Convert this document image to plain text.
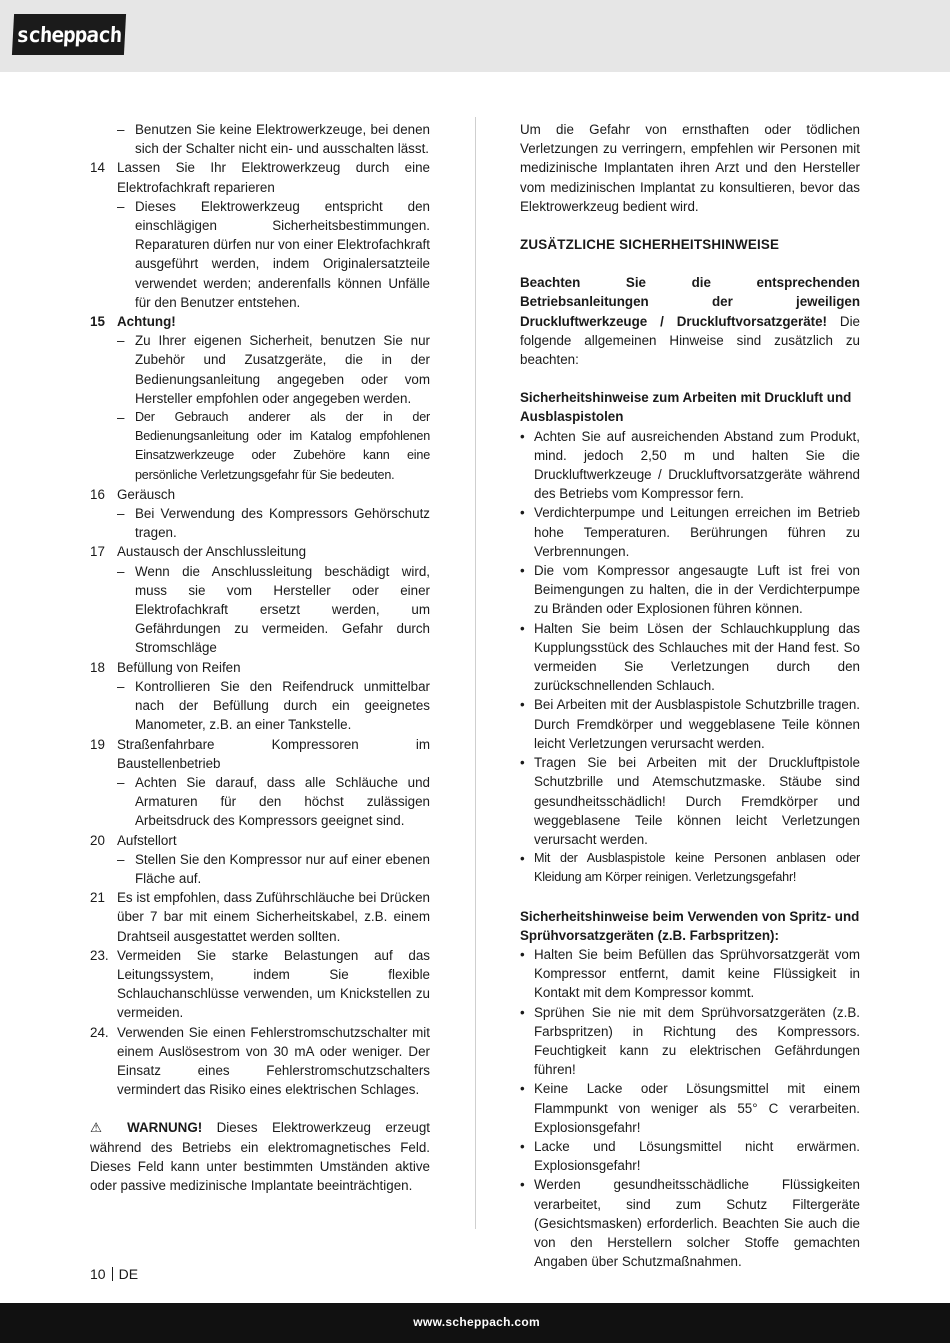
scheppach
– Benutzen Sie keine Elektrowerkzeuge, bei denen sich der Schalter nicht ein- und ausschalten lässt.
14 Lassen Sie Ihr Elektrowerkzeug durch eine Elektrofachkraft reparieren
– Dieses Elektrowerkzeug entspricht den einschlägigen Sicherheitsbestimmungen. Reparaturen dürfen nur von einer Elektrofachkraft ausgeführt werden, indem Originalersatzteile verwendet werden; anderenfalls können Unfälle für den Benutzer entstehen.
15 Achtung!
– Zu Ihrer eigenen Sicherheit, benutzen Sie nur Zubehör und Zusatzgeräte, die in der Bedienungsanleitung angegeben oder vom Hersteller empfohlen oder angegeben werden.
– Der Gebrauch anderer als der in der Bedienungsanleitung oder im Katalog empfohlenen Einsatzwerkzeuge oder Zubehöre kann eine persönliche Verletzungsgefahr für Sie bedeuten.
16 Geräusch
– Bei Verwendung des Kompressors Gehörschutz tragen.
17 Austausch der Anschlussleitung
– Wenn die Anschlussleitung beschädigt wird, muss sie vom Hersteller oder einer Elektrofachkraft ersetzt werden, um Gefährdungen zu vermeiden. Gefahr durch Stromschläge
18 Befüllung von Reifen
– Kontrollieren Sie den Reifendruck unmittelbar nach der Befüllung durch ein geeignetes Manometer, z.B. an einer Tankstelle.
19 Straßenfahrbare Kompressoren im Baustellenbetrieb
– Achten Sie darauf, dass alle Schläuche und Armaturen für den höchst zulässigen Arbeitsdruck des Kompressors geeignet sind.
20 Aufstellort
– Stellen Sie den Kompressor nur auf einer ebenen Fläche auf.
21 Es ist empfohlen, dass Zuführschläuche bei Drücken über 7 bar mit einem Sicherheitskabel, z.B. einem Drahtseil ausgestattet werden sollten.
23. Vermeiden Sie starke Belastungen auf das Leitungssystem, indem Sie flexible Schlauchanschlüsse verwenden, um Knickstellen zu vermeiden.
24. Verwenden Sie einen Fehlerstromschutzschalter mit einem Auslösestrom von 30 mA oder weniger. Der Einsatz eines Fehlerstromschutzschalters vermindert das Risiko eines elektrischen Schlages.

⚠ WARNUNG! Dieses Elektrowerkzeug erzeugt während des Betriebs ein elektromagnetisches Feld. Dieses Feld kann unter bestimmten Umständen aktive oder passive medizinische Implantate beeinträchtigen.

Um die Gefahr von ernsthaften oder tödlichen Verletzungen zu verringern, empfehlen wir Personen mit medizinische Implantaten ihren Arzt und den Hersteller vom medizinischen Implantat zu konsultieren, bevor das Elektrowerkzeug bedient wird.

ZUSÄTZLICHE SICHERHEITSHINWEISE

Beachten Sie die entsprechenden Betriebsanleitungen der jeweiligen Druckluftwerkzeuge / Druckluftvorsatzgeräte! Die folgende allgemeinen Hinweise sind zusätzlich zu beachten:

Sicherheitshinweise zum Arbeiten mit Druckluft und Ausblaspistolen

• Achten Sie auf ausreichenden Abstand zum Produkt, mind. jedoch 2,50 m und halten Sie die Druckluftwerkzeuge / Druckluftvorsatzgeräte während des Betriebs vom Kompressor fern.
• Verdichterpumpe und Leitungen erreichen im Betrieb hohe Temperaturen. Berührungen führen zu Verbrennungen.
• Die vom Kompressor angesaugte Luft ist frei von Beimengungen zu halten, die in der Verdichterpumpe zu Bränden oder Explosionen führen können.
• Halten Sie beim Lösen der Schlauchkupplung das Kupplungsstück des Schlauches mit der Hand fest. So vermeiden Sie Verletzungen durch den zurückschnellenden Schlauch.
• Bei Arbeiten mit der Ausblaspistole Schutzbrille tragen. Durch Fremdkörper und weggeblasene Teile können leicht Verletzungen verursacht werden.
• Tragen Sie bei Arbeiten mit der Druckluftpistole Schutzbrille und Atemschutzmaske. Stäube sind gesundheitsschädlich! Durch Fremdkörper und weggeblasene Teile können leicht Verletzungen verursacht werden.
• Mit der Ausblaspistole keine Personen anblasen oder Kleidung am Körper reinigen. Verletzungsgefahr!

Sicherheitshinweise beim Verwenden von Spritz- und Sprühvorsatzgeräten (z.B. Farbspritzen):

• Halten Sie beim Befüllen das Sprühvorsatzgerät vom Kompressor entfernt, damit keine Flüssigkeit in Kontakt mit dem Kompressor kommt.
• Sprühen Sie nie mit dem Sprühvorsatzgeräten (z.B. Farbspritzen) in Richtung des Kompressors. Feuchtigkeit kann zu elektrischen Gefährdungen führen!
• Keine Lacke oder Lösungsmittel mit einem Flammpunkt von weniger als 55° C verarbeiten. Explosionsgefahr!
• Lacke und Lösungsmittel nicht erwärmen. Explosionsgefahr!
• Werden gesundheitsschädliche Flüssigkeiten verarbeitet, sind zum Schutz Filtergeräte (Gesichtsmasken) erforderlich. Beachten Sie auch die von den Herstellern solcher Stoffe gemachten Angaben über Schutzmaßnahmen.
10 DE
www.scheppach.com
